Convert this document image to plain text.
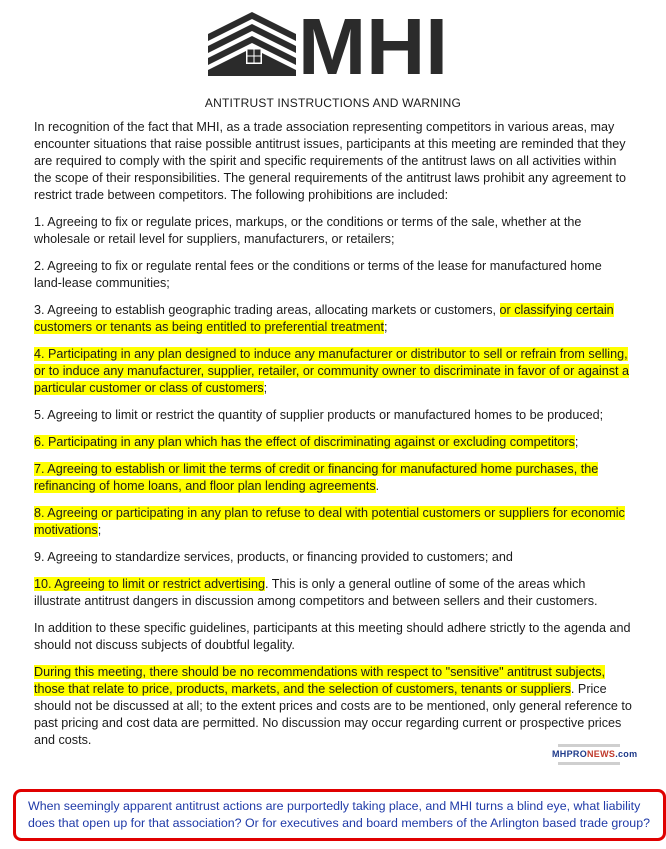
MHI
ANTITRUST INSTRUCTIONS AND WARNING

In recognition of the fact that MHI, as a trade association representing competitors in various areas, may encounter situations that raise possible antitrust issues, participants at this meeting are reminded that they are required to comply with the spirit and specific requirements of the antitrust laws on all activities within the scope of their responsibilities. The general requirements of the antitrust laws prohibit any agreement to restrict trade between competitors. The following prohibitions are included:

1. Agreeing to fix or regulate prices, markups, or the conditions or terms of the sale, whether at the wholesale or retail level for suppliers, manufacturers, or retailers;

2. Agreeing to fix or regulate rental fees or the conditions or terms of the lease for manufactured home land-lease communities;

3. Agreeing to establish geographic trading areas, allocating markets or customers, or classifying certain customers or tenants as being entitled to preferential treatment;

4. Participating in any plan designed to induce any manufacturer or distributor to sell or refrain from selling, or to induce any manufacturer, supplier, retailer, or community owner to discriminate in favor of or against a particular customer or class of customers;

5. Agreeing to limit or restrict the quantity of supplier products or manufactured homes to be produced;

6. Participating in any plan which has the effect of discriminating against or excluding competitors;

7. Agreeing to establish or limit the terms of credit or financing for manufactured home purchases, the refinancing of home loans, and floor plan lending agreements.

8. Agreeing or participating in any plan to refuse to deal with potential customers or suppliers for economic motivations;

9. Agreeing to standardize services, products, or financing provided to customers; and

10. Agreeing to limit or restrict advertising. This is only a general outline of some of the areas which illustrate antitrust dangers in discussion among competitors and between sellers and their customers.

In addition to these specific guidelines, participants at this meeting should adhere strictly to the agenda and should not discuss subjects of doubtful legality.

During this meeting, there should be no recommendations with respect to "sensitive" antitrust subjects, those that relate to price, products, markets, and the selection of customers, tenants or suppliers. Price should not be discussed at all; to the extent prices and costs are to be mentioned, only general reference to past pricing and cost data are permitted. No discussion may occur regarding current or prospective prices and costs.

MHPRONEWS.com
When seemingly apparent antitrust actions are purportedly taking place, and MHI turns a blind eye, what liability does that open up for that association? Or for executives and board members of the Arlington based trade group?
